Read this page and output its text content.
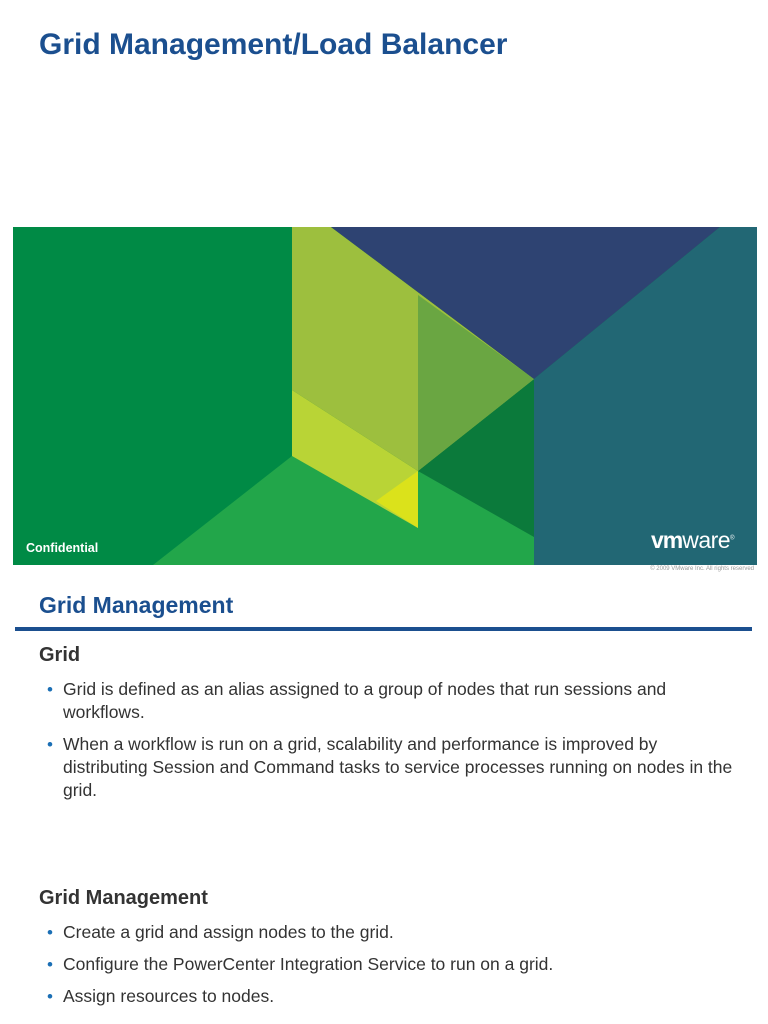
Grid Management/Load Balancer
Confidential	vmware®
© 2009 VMware Inc. All rights reserved
Grid Management
Grid
• Grid is defined as an alias assigned to a group of nodes that run sessions and workflows.
• When a workflow is run on a grid, scalability and performance is improved by distributing Session and Command tasks to service processes running on nodes in the grid.
Grid Management
• Create a grid and assign nodes to the grid.
• Configure the PowerCenter Integration Service to run on a grid.
• Assign resources to nodes.
